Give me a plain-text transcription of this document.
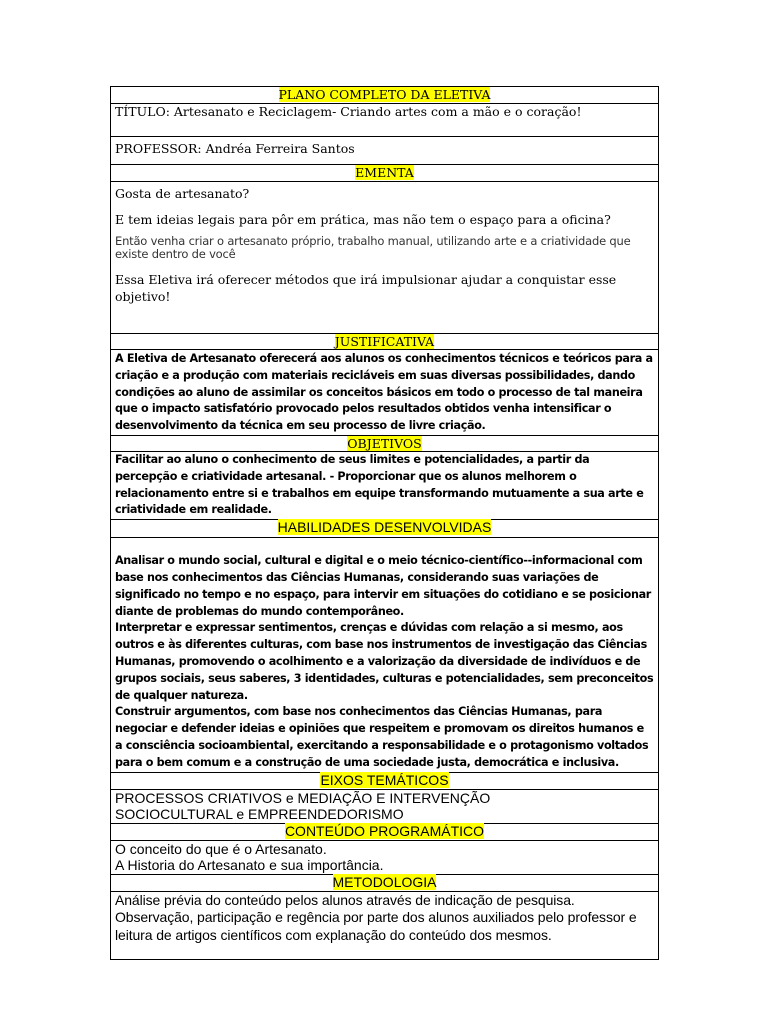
PLANO COMPLETO DA ELETIVA
TÍTULO: Artesanato e Reciclagem- Criando artes com a mão e o coração!
PROFESSOR: Andréa Ferreira Santos
EMENTA

Gosta de artesanato?
E tem ideias legais para pôr em prática, mas não tem o espaço para a oficina?
Então venha criar o artesanato próprio, trabalho manual, utilizando arte e a criatividade que existe dentro de você
Essa Eletiva irá oferecer métodos que irá impulsionar ajudar a conquistar esse objetivo!

JUSTIFICATIVA
A Eletiva de Artesanato oferecerá aos alunos os conhecimentos técnicos e teóricos para a criação e a produção com materiais recicláveis em suas diversas possibilidades, dando condições ao aluno de assimilar os conceitos básicos em todo o processo de tal maneira que o impacto satisfatório provocado pelos resultados obtidos venha intensificar o desenvolvimento da técnica em seu processo de livre criação.
OBJETIVOS
Facilitar ao aluno o conhecimento de seus limites e potencialidades, a partir da percepção e criatividade artesanal. - Proporcionar que os alunos melhorem o relacionamento entre si e trabalhos em equipe transformando mutuamente a sua arte e criatividade em realidade.
HABILIDADES DESENVOLVIDAS

Analisar o mundo social, cultural e digital e o meio técnico-científico--informacional com base nos conhecimentos das Ciências Humanas, considerando suas variações de significado no tempo e no espaço, para intervir em situações do cotidiano e se posicionar diante de problemas do mundo contemporâneo.
Interpretar e expressar sentimentos, crenças e dúvidas com relação a si mesmo, aos outros e às diferentes culturas, com base nos instrumentos de investigação das Ciências Humanas, promovendo o acolhimento e a valorização da diversidade de indivíduos e de grupos sociais, seus saberes, 3 identidades, culturas e potencialidades, sem preconceitos de qualquer natureza.
Construir argumentos, com base nos conhecimentos das Ciências Humanas, para negociar e defender ideias e opiniões que respeitem e promovam os direitos humanos e a consciência socioambiental, exercitando a responsabilidade e o protagonismo voltados para o bem comum e a construção de uma sociedade justa, democrática e inclusiva.

EIXOS TEMÁTICOS

PROCESSOS CRIATIVOS e MEDIAÇÃO E INTERVENÇÃO
SOCIOCULTURAL e EMPREENDEDORISMO

CONTEÚDO PROGRAMÁTICO

O conceito do que é o Artesanato.
A Historia do Artesanato e sua importância.

METODOLOGIA
Análise prévia do conteúdo pelos alunos através de indicação de pesquisa. Observação, participação e regência por parte dos alunos auxiliados pelo professor e leitura de artigos científicos com explanação do conteúdo dos mesmos.
